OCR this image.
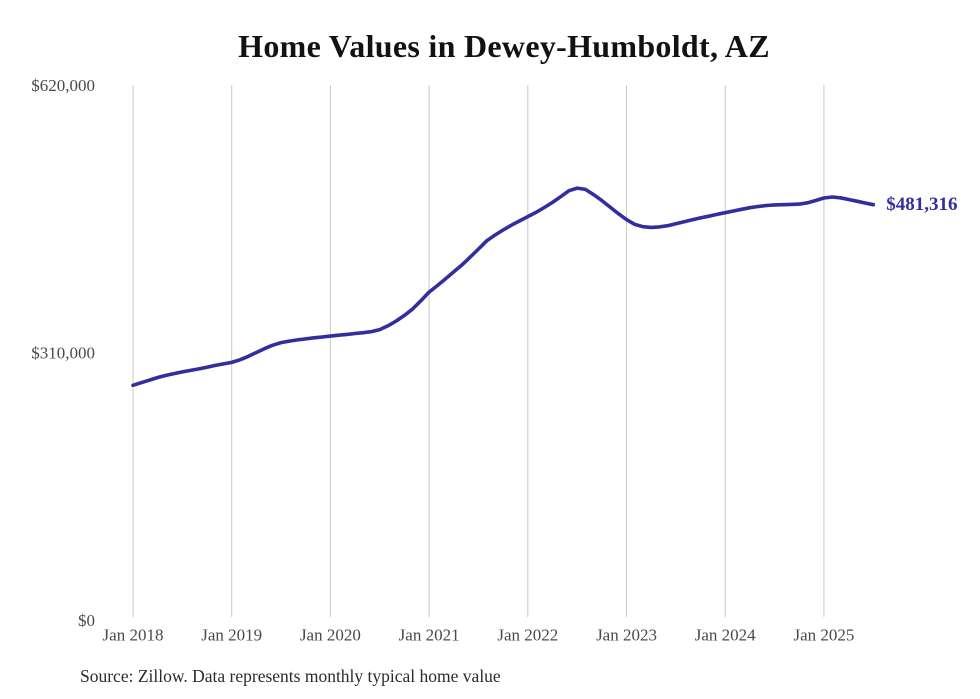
Home Values in Dewey-Humboldt, AZ
Jan 2018 Jan 2019 Jan 2020 Jan 2021 Jan 2022 Jan 2023 Jan 2024 Jan 2025
$0
$310,000
$620,000
$481,316
Source: Zillow. Data represents monthly typical home value
